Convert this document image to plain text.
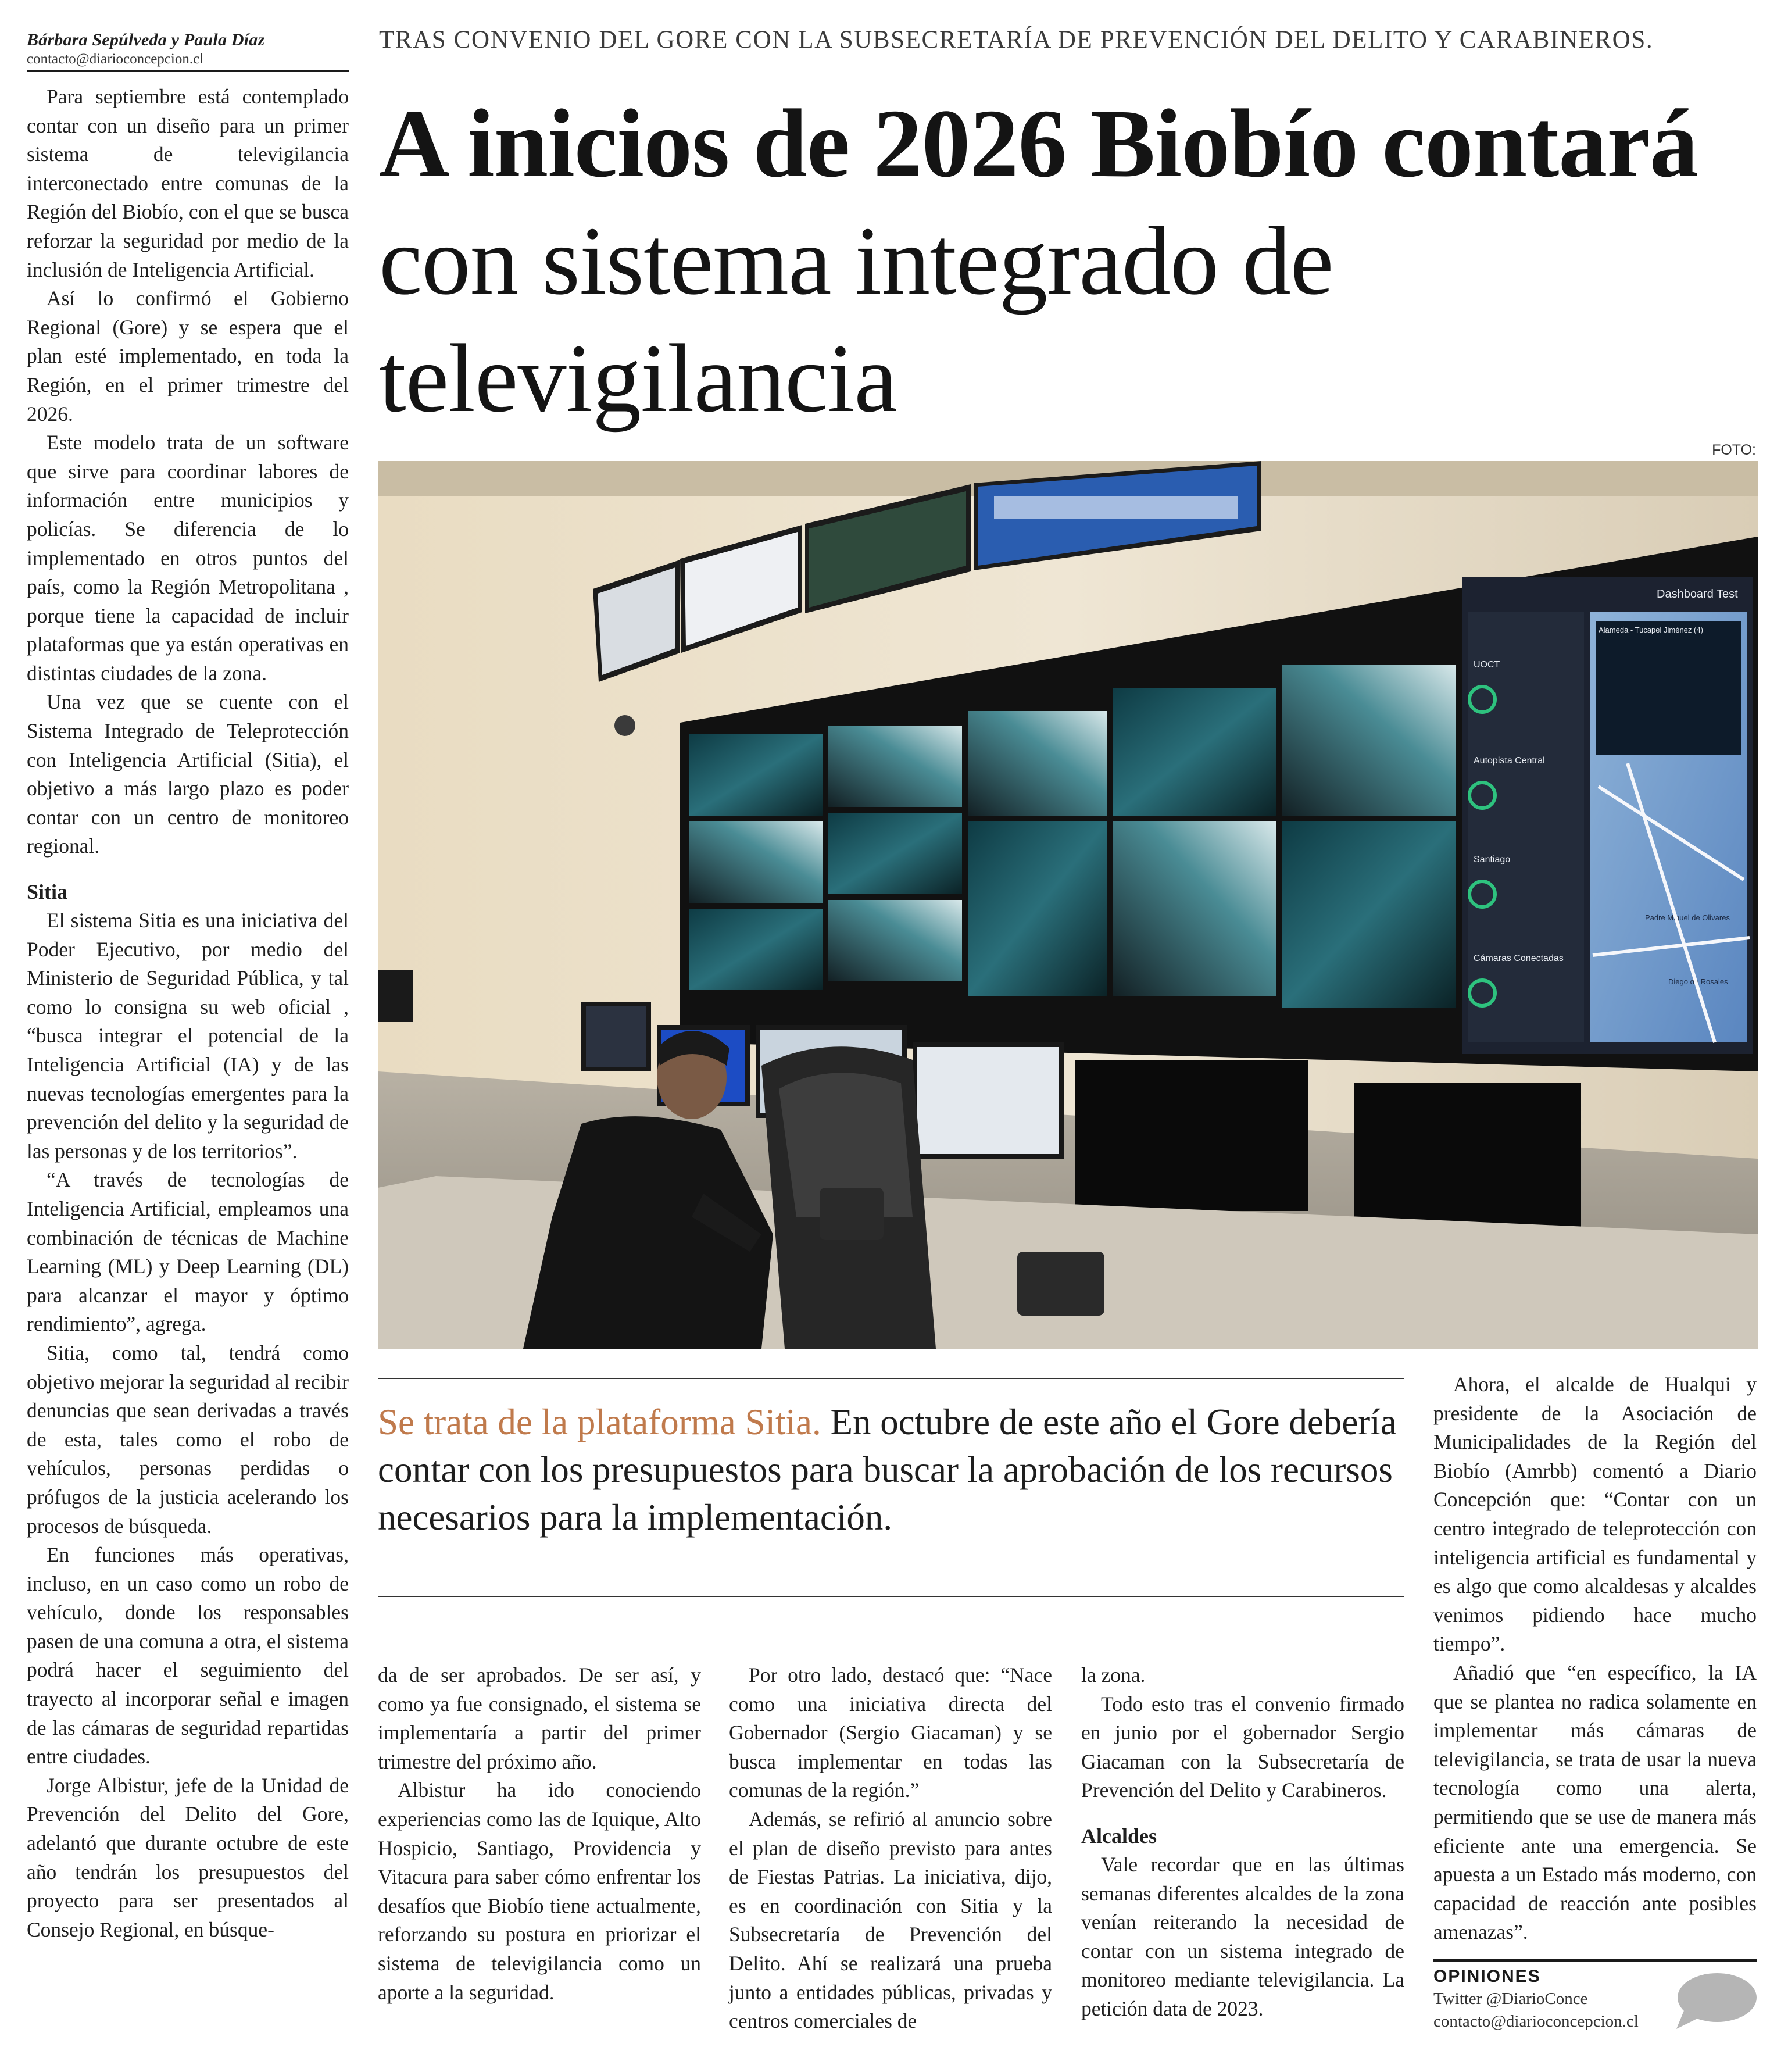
Bárbara Sepúlveda y Paula Díaz
contacto@diarioconcepcion.cl
TRAS CONVENIO DEL GORE CON LA SUBSECRETARÍA DE PREVENCIÓN DEL DELITO Y CARABINEROS.
A inicios de 2026 Biobío contará con sistema integrado de televigilancia
FOTO:
Dashboard Test
UOCT
Autopista Central
Santiago
Cámaras Conectadas
Alameda - Tucapel Jiménez (4)
Padre Miguel de Olivares
Diego de Rosales

Se trata de la plataforma Sitia. En octubre de este año el Gore debería contar con los presupuestos para buscar la aprobación de los recursos necesarios para la implementación.

Para septiembre está contemplado contar con un diseño para un primer sistema de televigilancia interconectado entre comunas de la Región del Biobío, con el que se busca reforzar la seguridad por medio de la inclusión de Inteligencia Artificial.

Así lo confirmó el Gobierno Regional (Gore) y se espera que el plan esté implementado, en toda la Región, en el primer trimestre del 2026.

Este modelo trata de un software que sirve para coordinar labores de información entre municipios y policías. Se diferencia de lo implementado en otros puntos del país, como la Región Metropolitana , porque tiene la capacidad de incluir plataformas que ya están operativas en distintas ciudades de la zona.

Una vez que se cuente con el Sistema Integrado de Teleprotección con Inteligencia Artificial (Sitia), el objetivo a más largo plazo es poder contar con un centro de monitoreo regional.

Sitia

El sistema Sitia es una iniciativa del Poder Ejecutivo, por medio del Ministerio de Seguridad Pública, y tal como lo consigna su web oficial , “busca integrar el potencial de la Inteligencia Artificial (IA) y de las nuevas tecnologías emergentes para la prevención del delito y la seguridad de las personas y de los territorios”.

“A través de tecnologías de Inteligencia Artificial, empleamos una combinación de técnicas de Machine Learning (ML) y Deep Learning (DL) para alcanzar el mayor y óptimo rendimiento”, agrega.

Sitia, como tal, tendrá como objetivo mejorar la seguridad al recibir denuncias que sean derivadas a través de esta, tales como el robo de vehículos, personas perdidas o prófugos de la justicia acelerando los procesos de búsqueda.

En funciones más operativas, incluso, en un caso como un robo de vehículo, donde los responsables pasen de una comuna a otra, el sistema podrá hacer el seguimiento del trayecto al incorporar señal e imagen de las cámaras de seguridad repartidas entre ciudades.

Jorge Albistur, jefe de la Unidad de Prevención del Delito del Gore, adelantó que durante octubre de este año tendrán los presupuestos del proyecto para ser presentados al Consejo Regional, en búsque-

da de ser aprobados. De ser así, y como ya fue consignado, el sistema se implementaría a partir del primer trimestre del próximo año.

Albistur ha ido conociendo experiencias como las de Iquique, Alto Hospicio, Santiago, Providencia y Vitacura para saber cómo enfrentar los desafíos que Biobío tiene actualmente, reforzando su postura en priorizar el sistema de televigilancia como un aporte a la seguridad.

Por otro lado, destacó que: “Nace como una iniciativa directa del Gobernador (Sergio Giacaman) y se busca implementar en todas las comunas de la región.”

Además, se refirió al anuncio sobre el plan de diseño previsto para antes de Fiestas Patrias. La iniciativa, dijo, es en coordinación con Sitia y la Subsecretaría de Prevención del Delito. Ahí se realizará una prueba junto a entidades públicas, privadas y centros comerciales de

la zona.

Todo esto tras el convenio firmado en junio por el gobernador Sergio Giacaman con la Subsecretaría de Prevención del Delito y Carabineros.

Alcaldes

Vale recordar que en las últimas semanas diferentes alcaldes de la zona venían reiterando la necesidad de contar con un sistema integrado de monitoreo mediante televigilancia. La petición data de 2023.

Ahora, el alcalde de Hualqui y presidente de la Asociación de Municipalidades de la Región del Biobío (Amrbb) comentó a Diario Concepción que: “Contar con un centro integrado de teleprotección con inteligencia artificial es fundamental y es algo que como alcaldesas y alcaldes venimos pidiendo hace mucho tiempo”.

Añadió que “en específico, la IA que se plantea no radica solamente en implementar más cámaras de televigilancia, se trata de usar la nueva tecnología como una alerta, permitiendo que se use de manera más eficiente ante una emergencia. Se apuesta a un Estado más moderno, con capacidad de reacción ante posibles amenazas”.

OPINIONES
Twitter @DiarioConce
contacto@diarioconcepcion.cl
